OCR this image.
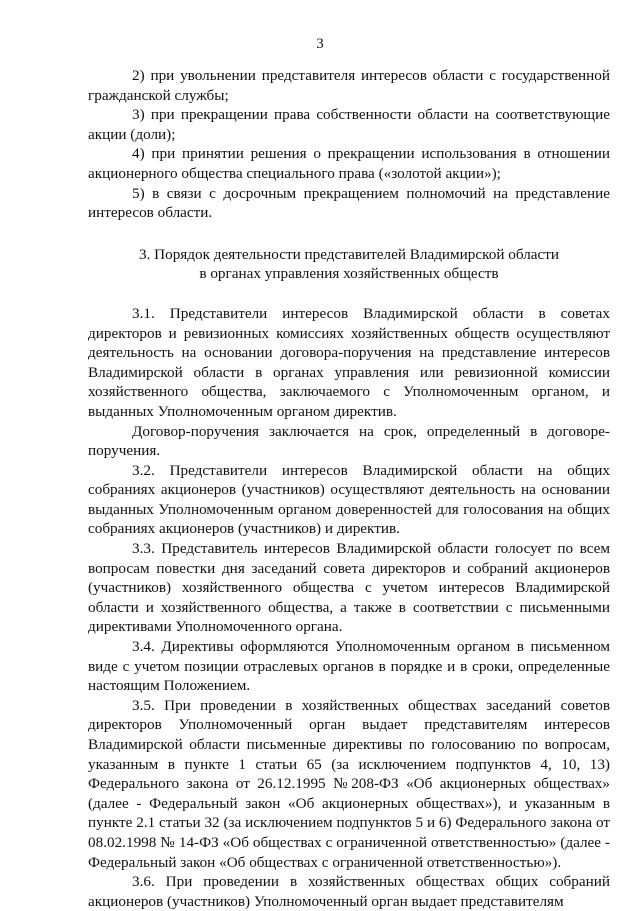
3

2) при увольнении представителя интересов области с государственной гражданской службы;

3) при прекращении права собственности области на соответствующие акции (доли);

4) при принятии решения о прекращении использования в отношении акционерного общества специального права («золотой акции»);

5) в связи с досрочным прекращением полномочий на представление интересов области.

3. Порядок деятельности представителей Владимирской области
в органах управления хозяйственных обществ

3.1. Представители интересов Владимирской области в советах директоров и ревизионных комиссиях хозяйственных обществ осуществляют деятельность на основании договора-поручения на представление интересов Владимирской области в органах управления или ревизионной комиссии хозяйственного общества, заключаемого с Уполномоченным органом, и выданных Уполномоченным органом директив.

Договор-поручения заключается на срок, определенный в договоре-поручения.

3.2. Представители интересов Владимирской области на общих собраниях акционеров (участников) осуществляют деятельность на основании выданных Уполномоченным органом доверенностей для голосования на общих собраниях акционеров (участников) и директив.

3.3. Представитель интересов Владимирской области голосует по всем вопросам повестки дня заседаний совета директоров и собраний акционеров (участников) хозяйственного общества с учетом интересов Владимирской области и хозяйственного общества, а также в соответствии с письменными директивами Уполномоченного органа.

3.4. Директивы оформляются Уполномоченным органом в письменном виде с учетом позиции отраслевых органов в порядке и в сроки, определенные настоящим Положением.

3.5. При проведении в хозяйственных обществах заседаний советов директоров Уполномоченный орган выдает представителям интересов Владимирской области письменные директивы по голосованию по вопросам, указанным в пункте 1 статьи 65 (за исключением подпунктов 4, 10, 13) Федерального закона от 26.12.1995 №208-ФЗ «Об акционерных обществах» (далее - Федеральный закон «Об акционерных обществах»), и указанным в пункте 2.1 статьи 32 (за исключением подпунктов 5 и 6) Федерального закона от 08.02.1998 № 14-ФЗ «Об обществах с ограниченной ответственностью» (далее - Федеральный закон «Об обществах с ограниченной ответственностью»).

3.6. При проведении в хозяйственных обществах общих собраний акционеров (участников) Уполномоченный орган выдает представителям
